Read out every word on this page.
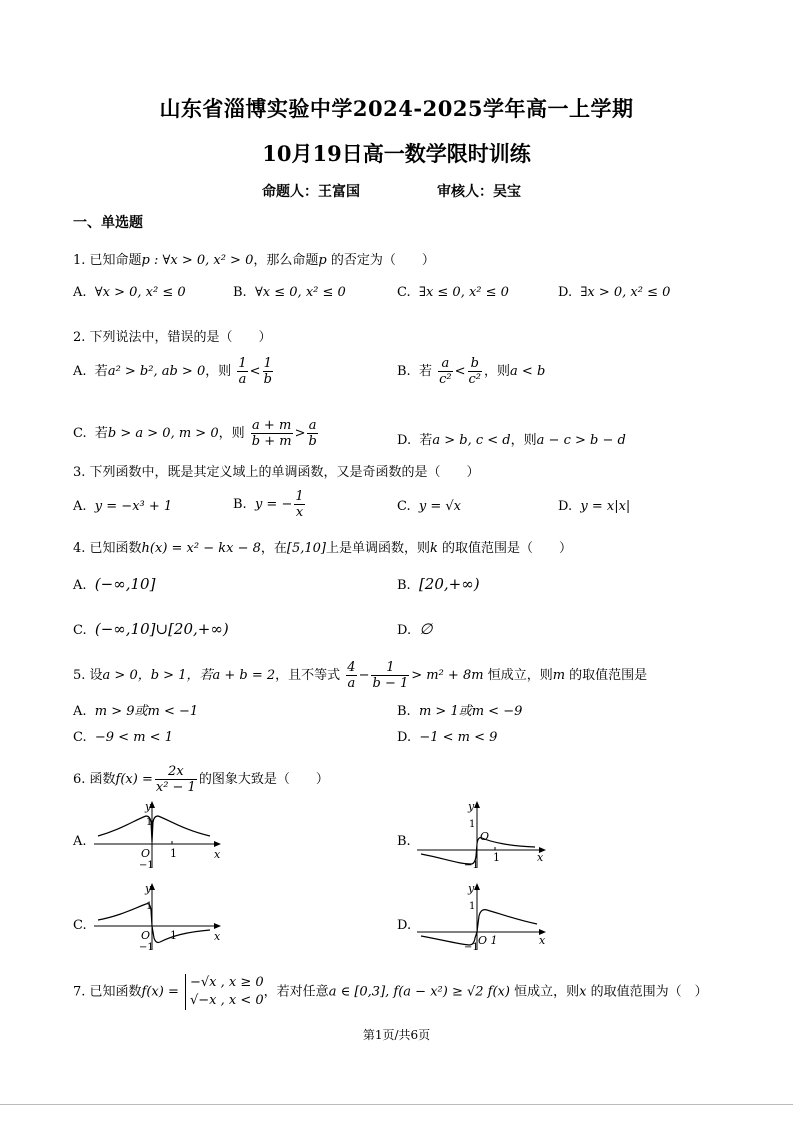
山东省淄博实验中学2024-2025学年高一上学期
10月19日高一数学限时训练
命题人：王富国	审核人：吴宝
一、单选题
1. 已知命题p : ∀x > 0, x² > 0，那么命题p 的否定为（　　）
A. ∀x > 0, x² ≤ 0	B. ∀x ≤ 0, x² ≤ 0	C. ∃x ≤ 0, x² ≤ 0	D. ∃x > 0, x² ≤ 0
2. 下列说法中，错误的是（　　）
A. 若a² > b², ab > 0，则 $\frac{1}{a} < \frac{1}{b}$	B. 若 $\frac{a}{\text{c²}} < \frac{b}{\text{c²}}$ ，则a < b
C. 若b > a > 0, m > 0，则 $\frac{a + m}{b + m} > \frac{a}{b}$	D. 若a > b, c < d，则a − c > b − d
3. 下列函数中，既是其定义域上的单调函数，又是奇函数的是（　　）
A. y = −x³ + 1	B. y = − $\frac{1}{x}$	C. y = √x	D. y = x|x|
4. 已知函数h(x) = x² − kx − 8，在[5,10]上是单调函数，则k 的取值范围是（　　）
A. (−∞,10]	B. [20,+∞)
C. (−∞,10]∪[20,+∞)	D. ∅
5. 设a > 0，b > 1，若a + b = 2，且不等式 $\frac{4}{a} - \frac{1}{b - 1} > m^2 + 8m$ 恒成立，则m 的取值范围是
A. m > 9或m < −1	B. m > 1或m < −9
C. −9 < m < 1	D. −1 < m < 9
6. 函数$f(x) = \frac{2x}{\text{x² − 1}}$ 的图象大致是（　　）
A.	B.
C.	D.
y
x
O
1
1
−1
y
x
O
1
1
−1
y
x
O
1
1
−1
y
x
O 1
1
−1
7. 已知函数f(x) =
−√x , x ≥ 0
√−x , x < 0
，若对任意a ∈ [0,3], f(a − x²) ≥ √2 f(x) 恒成立，则x 的取值范围为（　）
第1页/共6页
